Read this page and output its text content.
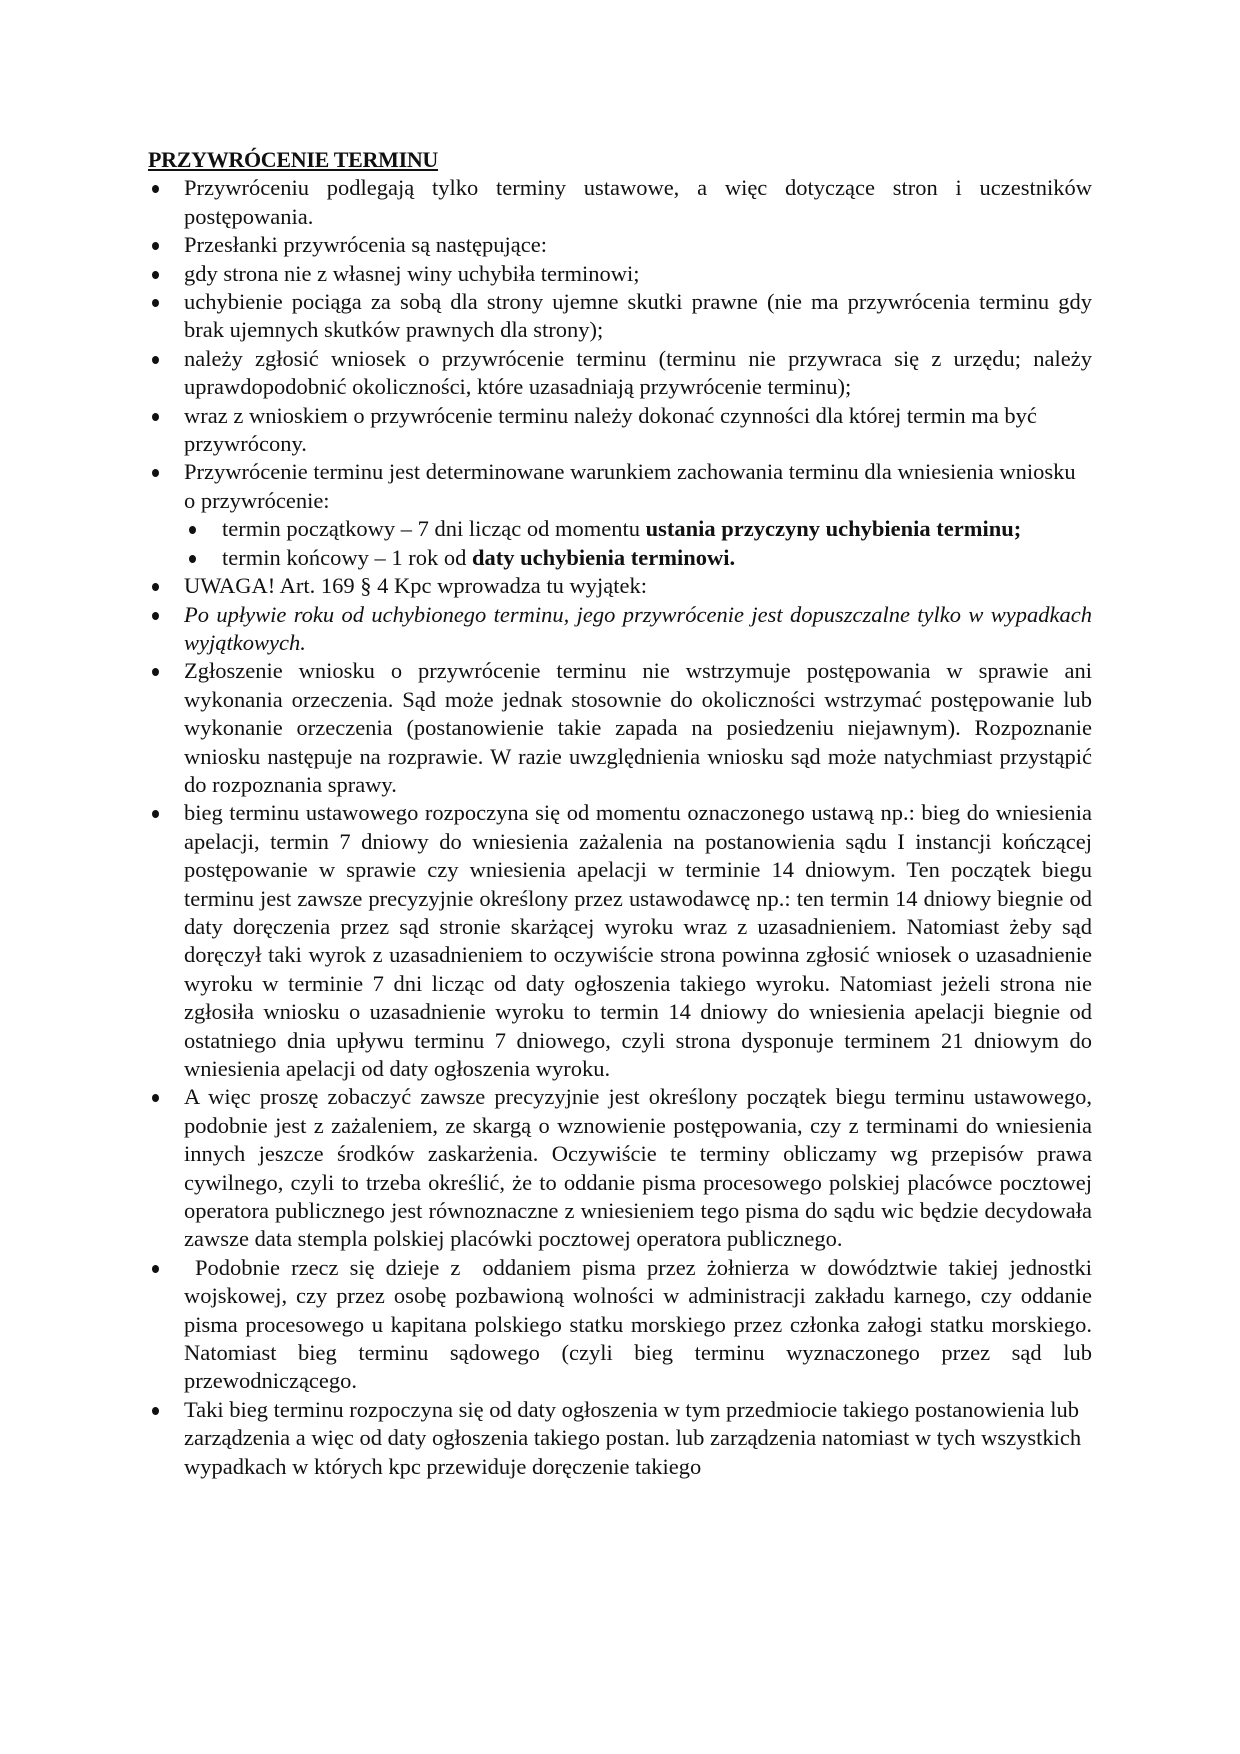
PRZYWRÓCENIE TERMINU
Przywróceniu podlegają tylko terminy ustawowe, a więc dotyczące stron i uczestników postępowania.
Przesłanki przywrócenia są następujące:
gdy strona nie z własnej winy uchybiła terminowi;
uchybienie pociąga za sobą dla strony ujemne skutki prawne (nie ma przywrócenia terminu gdy brak ujemnych skutków prawnych dla strony);
należy zgłosić wniosek o przywrócenie terminu (terminu nie przywraca się z urzędu; należy uprawdopodobnić okoliczności, które uzasadniają przywrócenie terminu);
wraz z wnioskiem o przywrócenie terminu należy dokonać czynności dla której termin ma być przywrócony.
Przywrócenie terminu jest determinowane warunkiem zachowania terminu dla wniesienia wniosku o przywrócenie:
termin początkowy – 7 dni licząc od momentu ustania przyczyny uchybienia terminu;
termin końcowy – 1 rok od daty uchybienia terminowi.
UWAGA! Art. 169 § 4 Kpc wprowadza tu wyjątek:
Po upływie roku od uchybionego terminu, jego przywrócenie jest dopuszczalne tylko w wypadkach wyjątkowych.
Zgłoszenie wniosku o przywrócenie terminu nie wstrzymuje postępowania w sprawie ani wykonania orzeczenia. Sąd może jednak stosownie do okoliczności wstrzymać postępowanie lub wykonanie orzeczenia (postanowienie takie zapada na posiedzeniu niejawnym). Rozpoznanie wniosku następuje na rozprawie. W razie uwzględnienia wniosku sąd może natychmiast przystąpić do rozpoznania sprawy.
bieg terminu ustawowego rozpoczyna się od momentu oznaczonego ustawą np.: bieg do wniesienia apelacji, termin 7 dniowy do wniesienia zażalenia na postanowienia sądu I instancji kończącej postępowanie w sprawie czy wniesienia apelacji w terminie 14 dniowym. Ten początek biegu terminu jest zawsze precyzyjnie określony przez ustawodawcę np.: ten termin 14 dniowy biegnie od daty doręczenia przez sąd stronie skarżącej wyroku wraz z uzasadnieniem. Natomiast żeby sąd doręczył taki wyrok z uzasadnieniem to oczywiście strona powinna zgłosić wniosek o uzasadnienie wyroku w terminie 7 dni licząc od daty ogłoszenia takiego wyroku. Natomiast jeżeli strona nie zgłosiła wniosku o uzasadnienie wyroku to termin 14 dniowy do wniesienia apelacji biegnie od ostatniego dnia upływu terminu 7 dniowego, czyli strona dysponuje terminem 21 dniowym do wniesienia apelacji od daty ogłoszenia wyroku.
A więc proszę zobaczyć zawsze precyzyjnie jest określony początek biegu terminu ustawowego, podobnie jest z zażaleniem, ze skargą o wznowienie postępowania, czy z terminami do wniesienia innych jeszcze środków zaskarżenia. Oczywiście te terminy obliczamy wg przepisów prawa cywilnego, czyli to trzeba określić, że to oddanie pisma procesowego polskiej placówce pocztowej operatora publicznego jest równoznaczne z wniesieniem tego pisma do sądu wic będzie decydowała zawsze data stempla polskiej placówki pocztowej operatora publicznego.
Podobnie rzecz się dzieje z  oddaniem pisma przez żołnierza w dowództwie takiej jednostki wojskowej, czy przez osobę pozbawioną wolności w administracji zakładu karnego, czy oddanie pisma procesowego u kapitana polskiego statku morskiego przez członka załogi statku morskiego. Natomiast bieg terminu sądowego (czyli bieg terminu wyznaczonego przez sąd lub przewodniczącego.
Taki bieg terminu rozpoczyna się od daty ogłoszenia w tym przedmiocie takiego postanowienia lub zarządzenia a więc od daty ogłoszenia takiego postan. lub zarządzenia natomiast w tych wszystkich wypadkach w których kpc przewiduje doręczenie takiego
